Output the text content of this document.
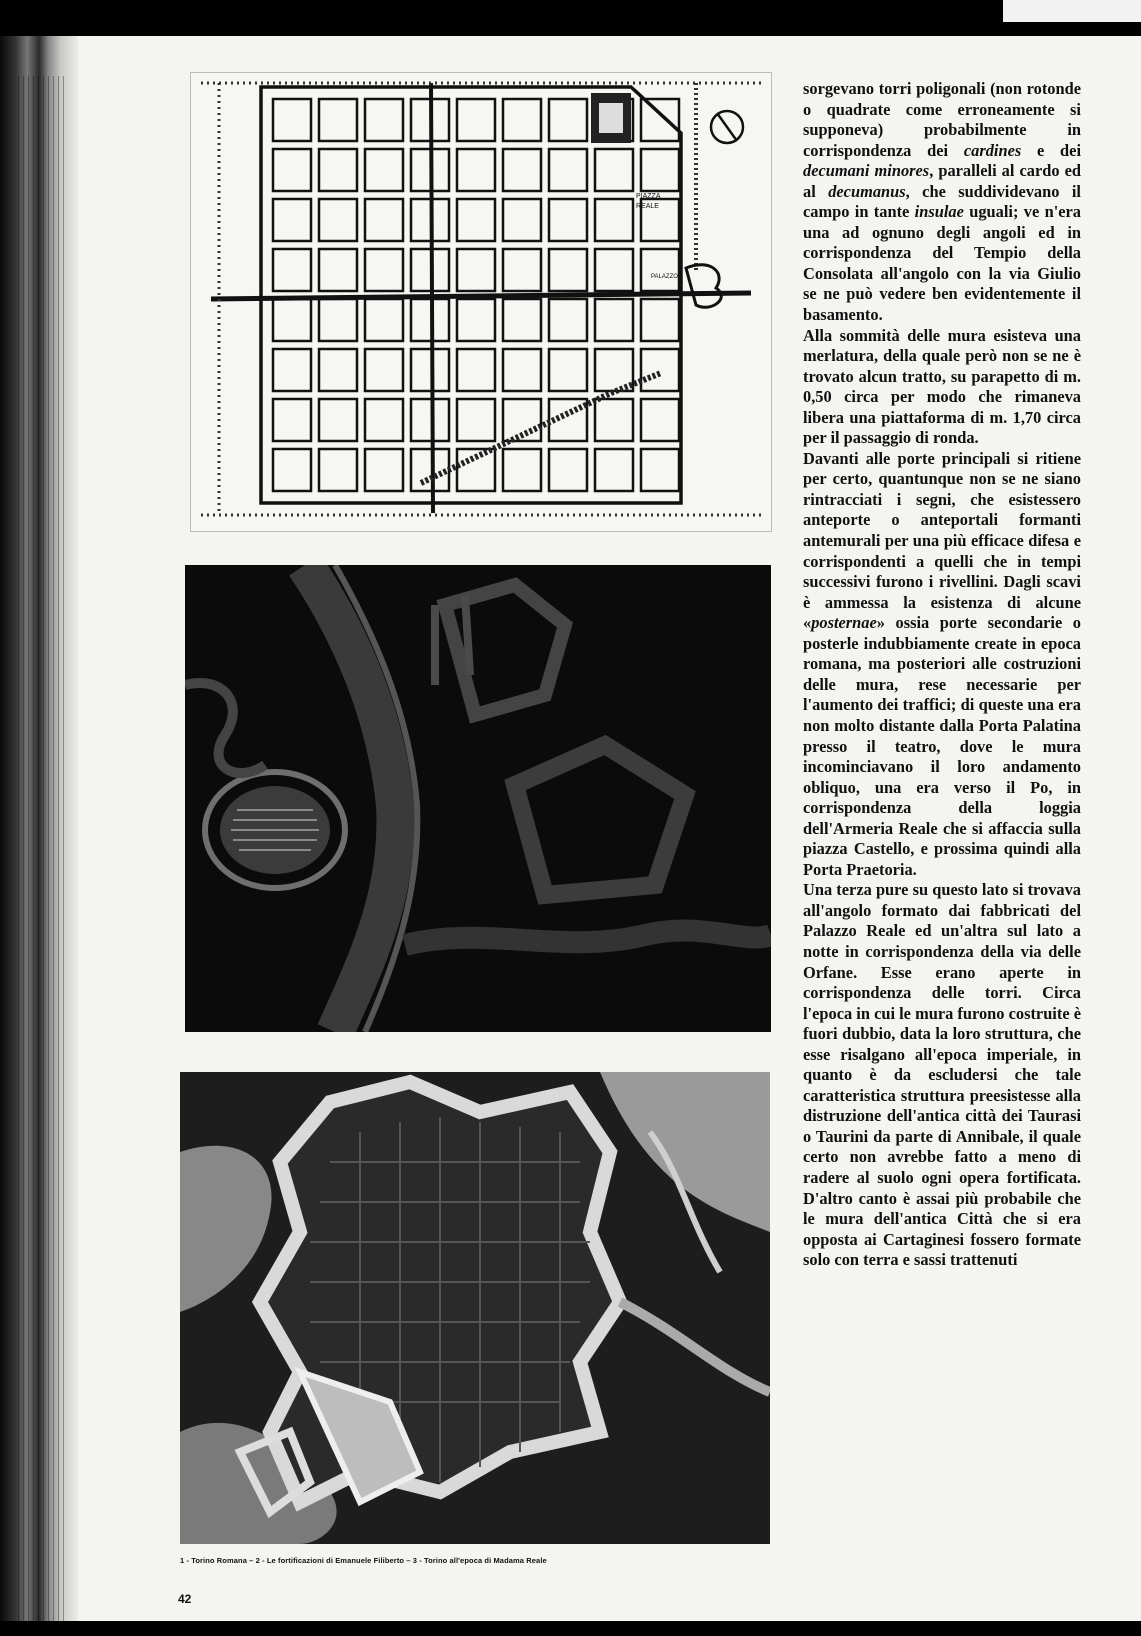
PIAZZA
REALE
PALAZZO
1 - Torino Romana – 2 - Le fortificazioni di Emanuele Filiberto – 3 - Torino all'epoca di Madama Reale
42

sorgevano torri poligonali (non rotonde o quadrate come erroneamente si supponeva) probabilmente in corrispondenza dei cardines e dei decumani minores, paralleli al cardo ed al decumanus, che suddividevano il campo in tante insulae uguali; ve n'era una ad ognuno degli angoli ed in corrispondenza del Tempio della Consolata all'angolo con la via Giulio se ne può vedere ben evidentemente il basamento.

Alla sommità delle mura esisteva una merlatura, della quale però non se ne è trovato alcun tratto, su parapetto di m. 0,50 circa per modo che rimaneva libera una piattaforma di m. 1,70 circa per il passaggio di ronda.

Davanti alle porte principali si ritiene per certo, quantunque non se ne siano rintracciati i segni, che esistessero anteporte o anteportali formanti antemurali per una più efficace difesa e corrispondenti a quelli che in tempi successivi furono i rivellini. Dagli scavi è ammessa la esistenza di alcune «posternae» ossia porte secondarie o posterle indubbiamente create in epoca romana, ma posteriori alle costruzioni delle mura, rese necessarie per l'aumento dei traffici; di queste una era non molto distante dalla Porta Palatina presso il teatro, dove le mura incominciavano il loro andamento obliquo, una era verso il Po, in corrispondenza della loggia dell'Armeria Reale che si affaccia sulla piazza Castello, e prossima quindi alla Porta Praetoria.

Una terza pure su questo lato si trovava all'angolo formato dai fabbricati del Palazzo Reale ed un'altra sul lato a notte in corrispondenza della via delle Orfane. Esse erano aperte in corrispondenza delle torri. Circa l'epoca in cui le mura furono costruite è fuori dubbio, data la loro struttura, che esse risalgano all'epoca imperiale, in quanto è da escludersi che tale caratteristica struttura preesistesse alla distruzione dell'antica città dei Taurasi o Taurini da parte di Annibale, il quale certo non avrebbe fatto a meno di radere al suolo ogni opera fortificata. D'altro canto è assai più probabile che le mura dell'antica Città che si era opposta ai Cartaginesi fossero formate solo con terra e sassi trattenuti
